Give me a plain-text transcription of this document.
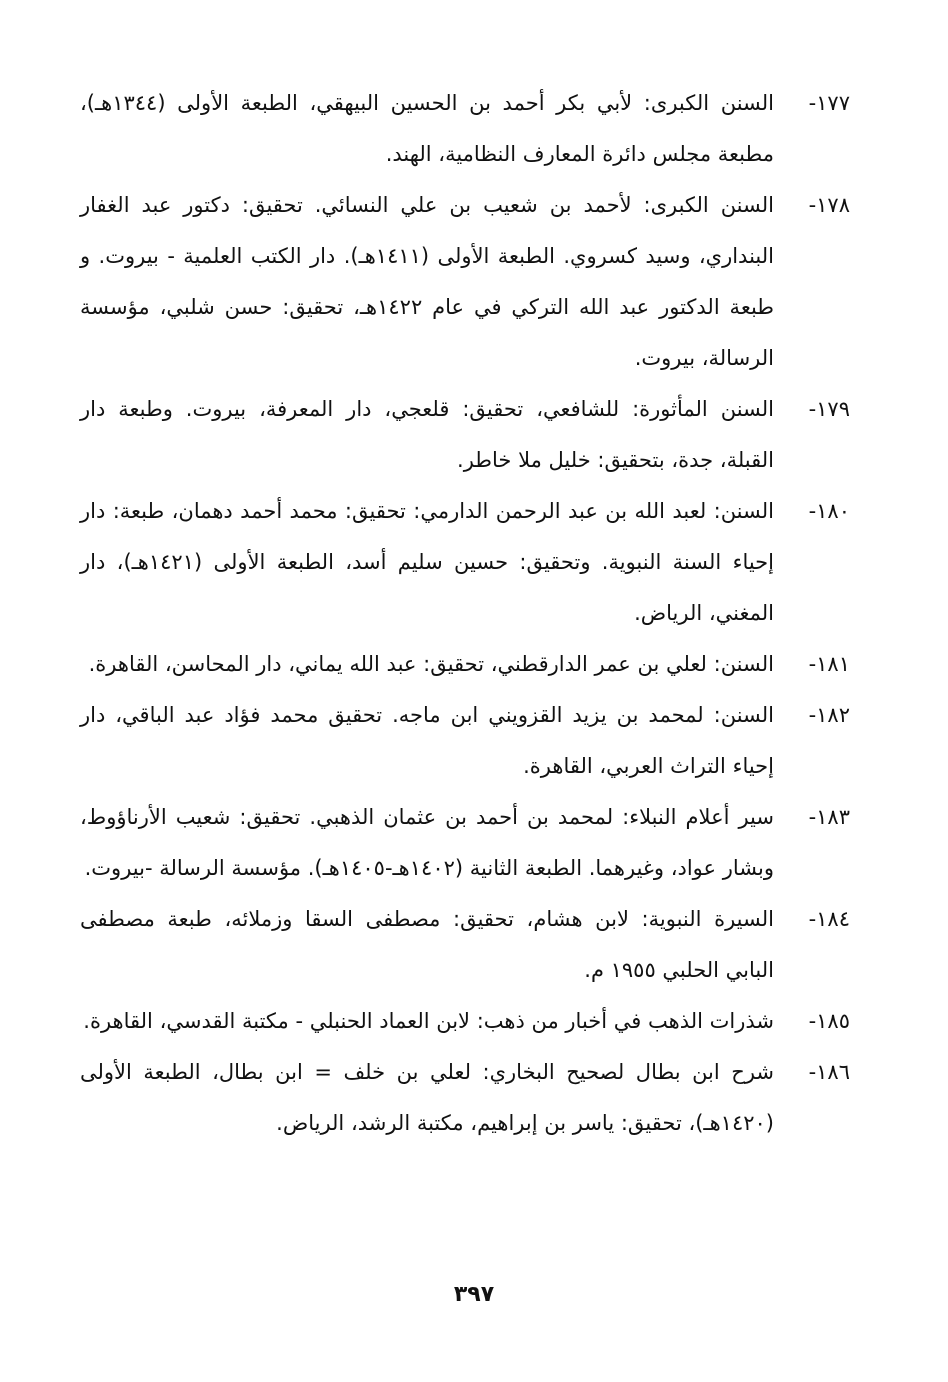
١٧٧-
السنن الكبرى: لأبي بكر أحمد بن الحسين البيهقي، الطبعة الأولى (١٣٤٤هـ)، مطبعة مجلس دائرة المعارف النظامية، الهند.
١٧٨-
السنن الكبرى: لأحمد بن شعيب بن علي النسائي. تحقيق: دكتور عبد الغفار البنداري، وسيد كسروي. الطبعة الأولى (١٤١١هـ). دار الكتب العلمية - بيروت. و طبعة الدكتور عبد الله التركي في عام ١٤٢٢هـ، تحقيق: حسن شلبي، مؤسسة الرسالة، بيروت.
١٧٩-
السنن المأثورة: للشافعي، تحقيق: قلعجي، دار المعرفة، بيروت. وطبعة دار القبلة، جدة، بتحقيق: خليل ملا خاطر.
١٨٠-
السنن: لعبد الله بن عبد الرحمن الدارمي: تحقيق: محمد أحمد دهمان، طبعة: دار إحياء السنة النبوية. وتحقيق: حسين سليم أسد، الطبعة الأولى (١٤٢١هـ)، دار المغني، الرياض.
١٨١-
السنن: لعلي بن عمر الدارقطني، تحقيق: عبد الله يماني، دار المحاسن، القاهرة.
١٨٢-
السنن: لمحمد بن يزيد القزويني ابن ماجه. تحقيق محمد فؤاد عبد الباقي، دار إحياء التراث العربي، القاهرة.
١٨٣-
سير أعلام النبلاء: لمحمد بن أحمد بن عثمان الذهبي. تحقيق: شعيب الأرناؤوط، وبشار عواد، وغيرهما. الطبعة الثانية (١٤٠٢هـ-١٤٠٥هـ). مؤسسة الرسالة -بيروت.
١٨٤-
السيرة النبوية: لابن هشام، تحقيق: مصطفى السقا وزملائه، طبعة مصطفى البابي الحلبي ١٩٥٥ م.
١٨٥-
شذرات الذهب في أخبار من ذهب: لابن العماد الحنبلي - مكتبة القدسي، القاهرة.
١٨٦-
شرح ابن بطال لصحيح البخاري: لعلي بن خلف = ابن بطال، الطبعة الأولى (١٤٢٠هـ)، تحقيق: ياسر بن إبراهيم، مكتبة الرشد، الرياض.
٣٩٧
